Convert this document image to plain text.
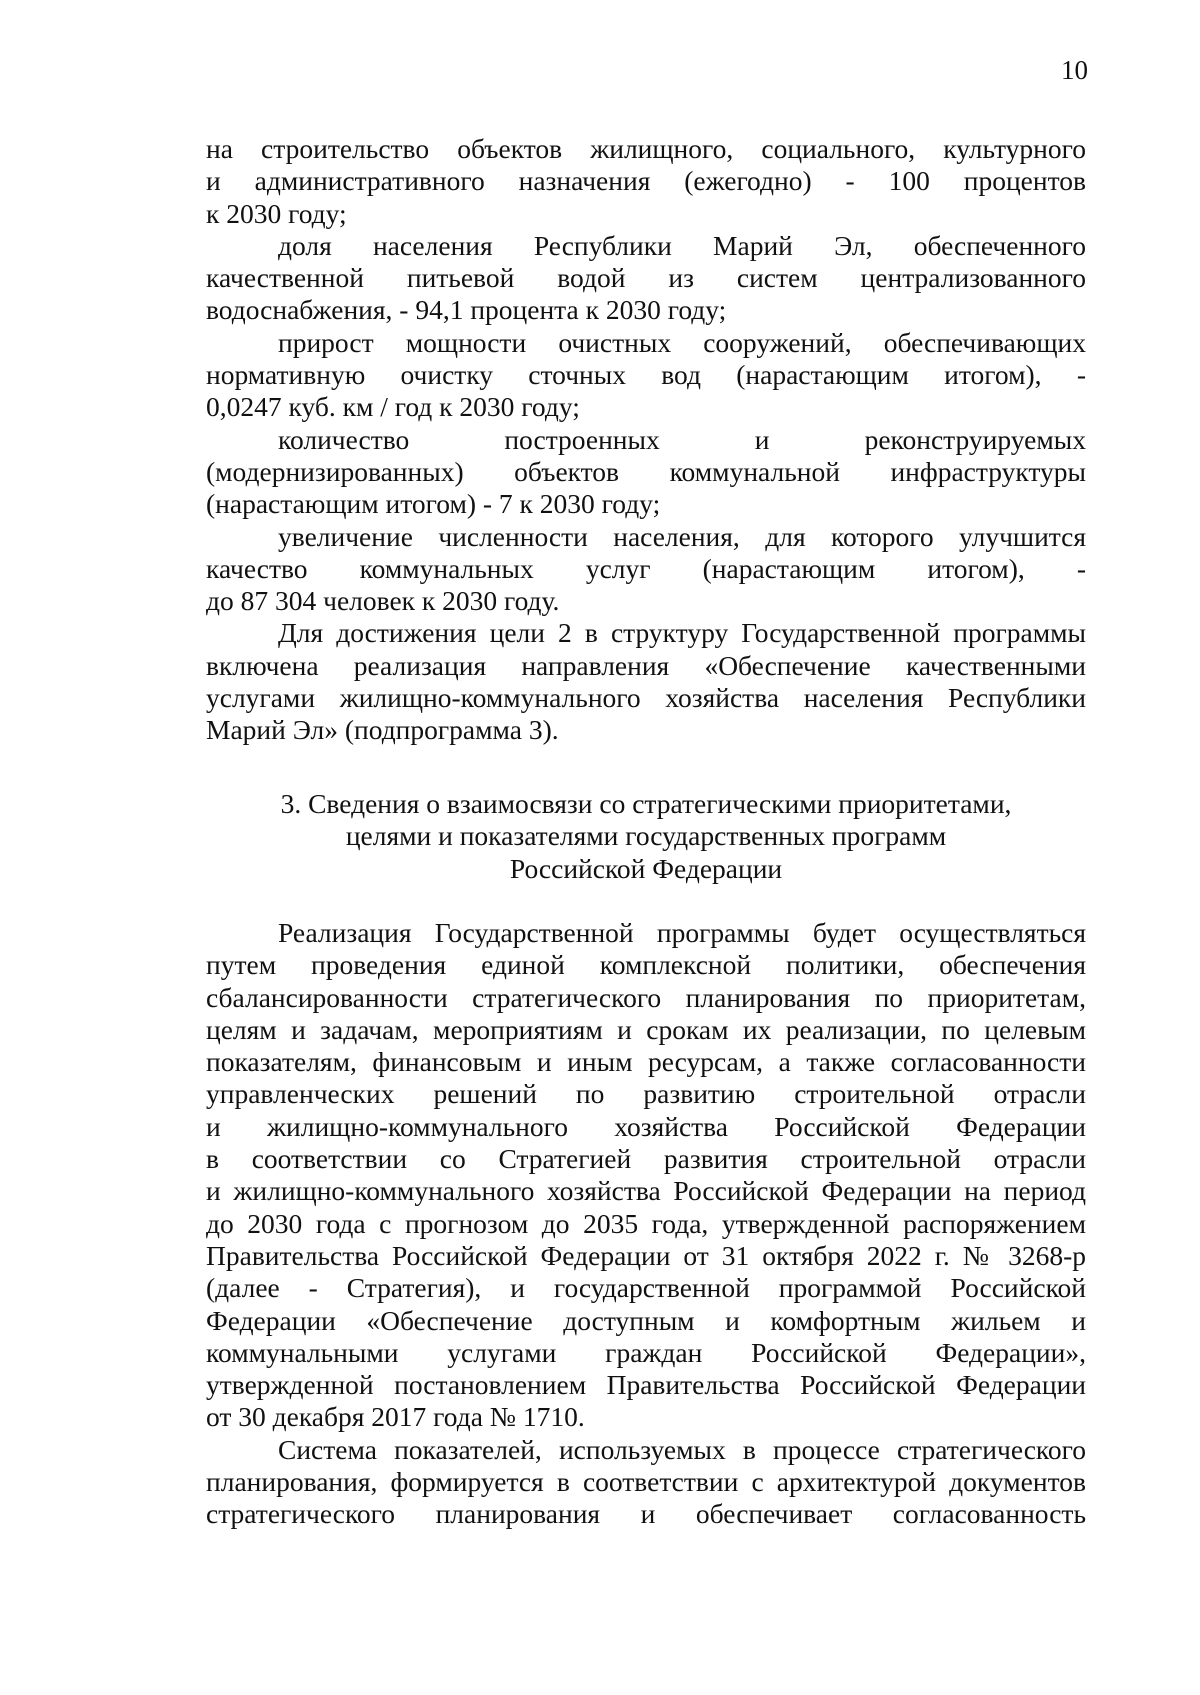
10

на строительство объектов жилищного, социального, культурного
и административного назначения (ежегодно) - 100 процентов
к 2030 году;

доля населения Республики Марий Эл, обеспеченного
качественной питьевой водой из систем централизованного
водоснабжения, - 94,1 процента к 2030 году;

прирост мощности очистных сооружений, обеспечивающих
нормативную очистку сточных вод (нарастающим итогом), -
0,0247 куб. км / год к 2030 году;

количество построенных и реконструируемых
(модернизированных) объектов коммунальной инфраструктуры
(нарастающим итогом) - 7 к 2030 году;

увеличение численности населения, для которого улучшится
качество коммунальных услуг (нарастающим итогом), -
до 87 304 человек к 2030 году.

Для достижения цели 2 в структуру Государственной программы
включена реализация направления «Обеспечение качественными
услугами жилищно-коммунального хозяйства населения Республики
Марий Эл» (подпрограмма 3).

3. Сведения о взаимосвязи со стратегическими приоритетами,
целями и показателями государственных программ
Российской Федерации

Реализация Государственной программы будет осуществляться
путем проведения единой комплексной политики, обеспечения
сбалансированности стратегического планирования по приоритетам,
целям и задачам, мероприятиям и срокам их реализации, по целевым
показателям, финансовым и иным ресурсам, а также согласованности
управленческих решений по развитию строительной отрасли
и жилищно-коммунального хозяйства Российской Федерации
в соответствии со Стратегией развития строительной отрасли
и жилищно-коммунального хозяйства Российской Федерации на период
до 2030 года с прогнозом до 2035 года, утвержденной распоряжением
Правительства Российской Федерации от 31 октября 2022 г. № 3268-р
(далее - Стратегия), и государственной программой Российской
Федерации «Обеспечение доступным и комфортным жильем и
коммунальными услугами граждан Российской Федерации»,
утвержденной постановлением Правительства Российской Федерации
от 30 декабря 2017 года № 1710.

Система показателей, используемых в процессе стратегического
планирования, формируется в соответствии с архитектурой документов
стратегического планирования и обеспечивает согласованность
